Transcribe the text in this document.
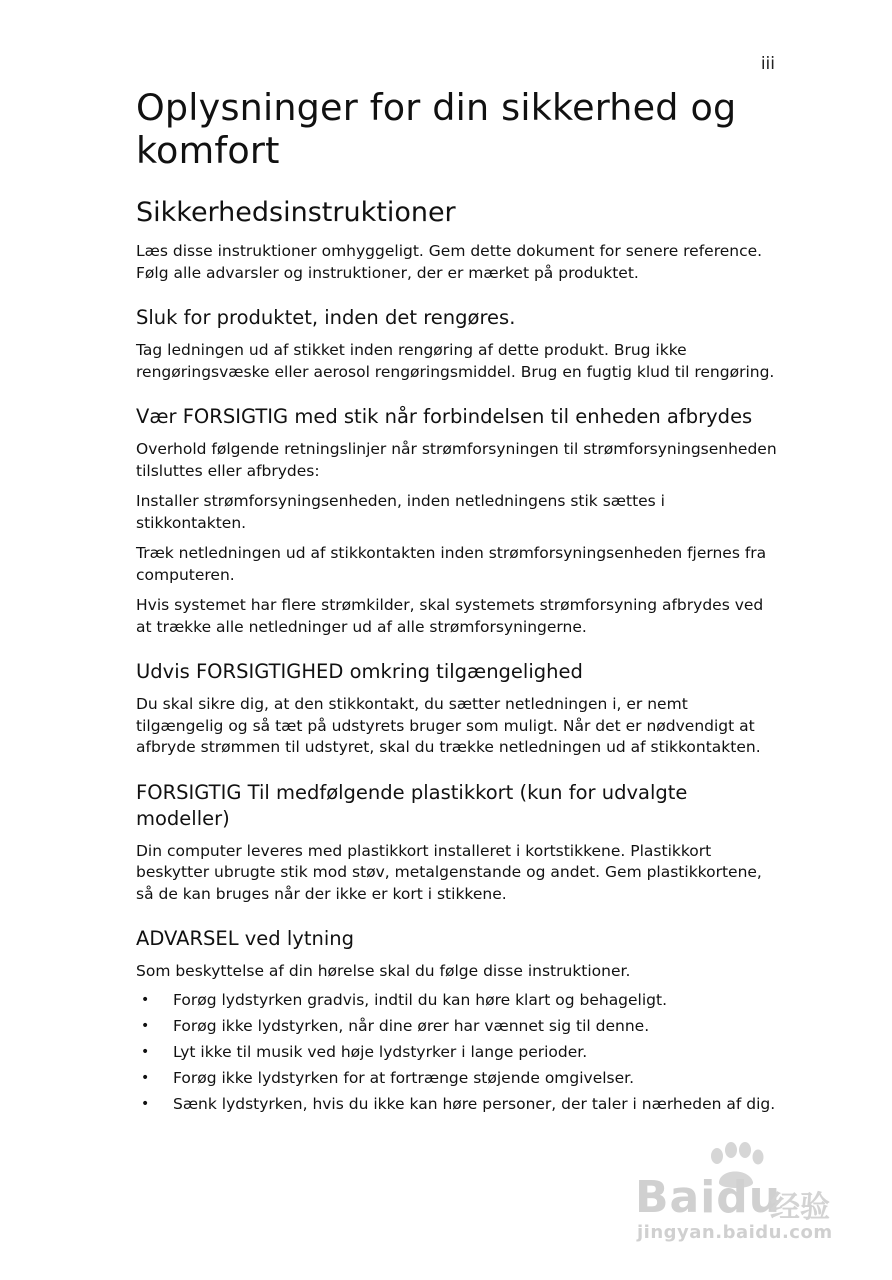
iii
Oplysninger for din sikkerhed og komfort
Sikkerhedsinstruktioner

Læs disse instruktioner omhyggeligt. Gem dette dokument for senere reference. Følg alle advarsler og instruktioner, der er mærket på produktet.

Sluk for produktet, inden det rengøres.

Tag ledningen ud af stikket inden rengøring af dette produkt. Brug ikke rengøringsvæske eller aerosol rengøringsmiddel. Brug en fugtig klud til rengøring.

Vær FORSIGTIG med stik når forbindelsen til enheden afbrydes

Overhold følgende retningslinjer når strømforsyningen til strømforsyningsenheden tilsluttes eller afbrydes:

Installer strømforsyningsenheden, inden netledningens stik sættes i stikkontakten.

Træk netledningen ud af stikkontakten inden strømforsyningsenheden fjernes fra computeren.

Hvis systemet har flere strømkilder, skal systemets strømforsyning afbrydes ved at trække alle netledninger ud af alle strømforsyningerne.

Udvis FORSIGTIGHED omkring tilgængelighed

Du skal sikre dig, at den stikkontakt, du sætter netledningen i, er nemt tilgængelig og så tæt på udstyrets bruger som muligt. Når det er nødvendigt at afbryde strømmen til udstyret, skal du trække netledningen ud af stikkontakten.

FORSIGTIG Til medfølgende plastikkort (kun for udvalgte modeller)

Din computer leveres med plastikkort installeret i kortstikkene. Plastikkort beskytter ubrugte stik mod støv, metalgenstande og andet. Gem plastikkortene, så de kan bruges når der ikke er kort i stikkene.

ADVARSEL ved lytning

Som beskyttelse af din hørelse skal du følge disse instruktioner.

• Forøg lydstyrken gradvis, indtil du kan høre klart og behageligt.
• Forøg ikke lydstyrken, når dine ører har vænnet sig til denne.
• Lyt ikke til musik ved høje lydstyrker i lange perioder.
• Forøg ikke lydstyrken for at fortrænge støjende omgivelser.
• Sænk lydstyrken, hvis du ikke kan høre personer, der taler i nærheden af dig.
Baidu
经验
jingyan.baidu.com
